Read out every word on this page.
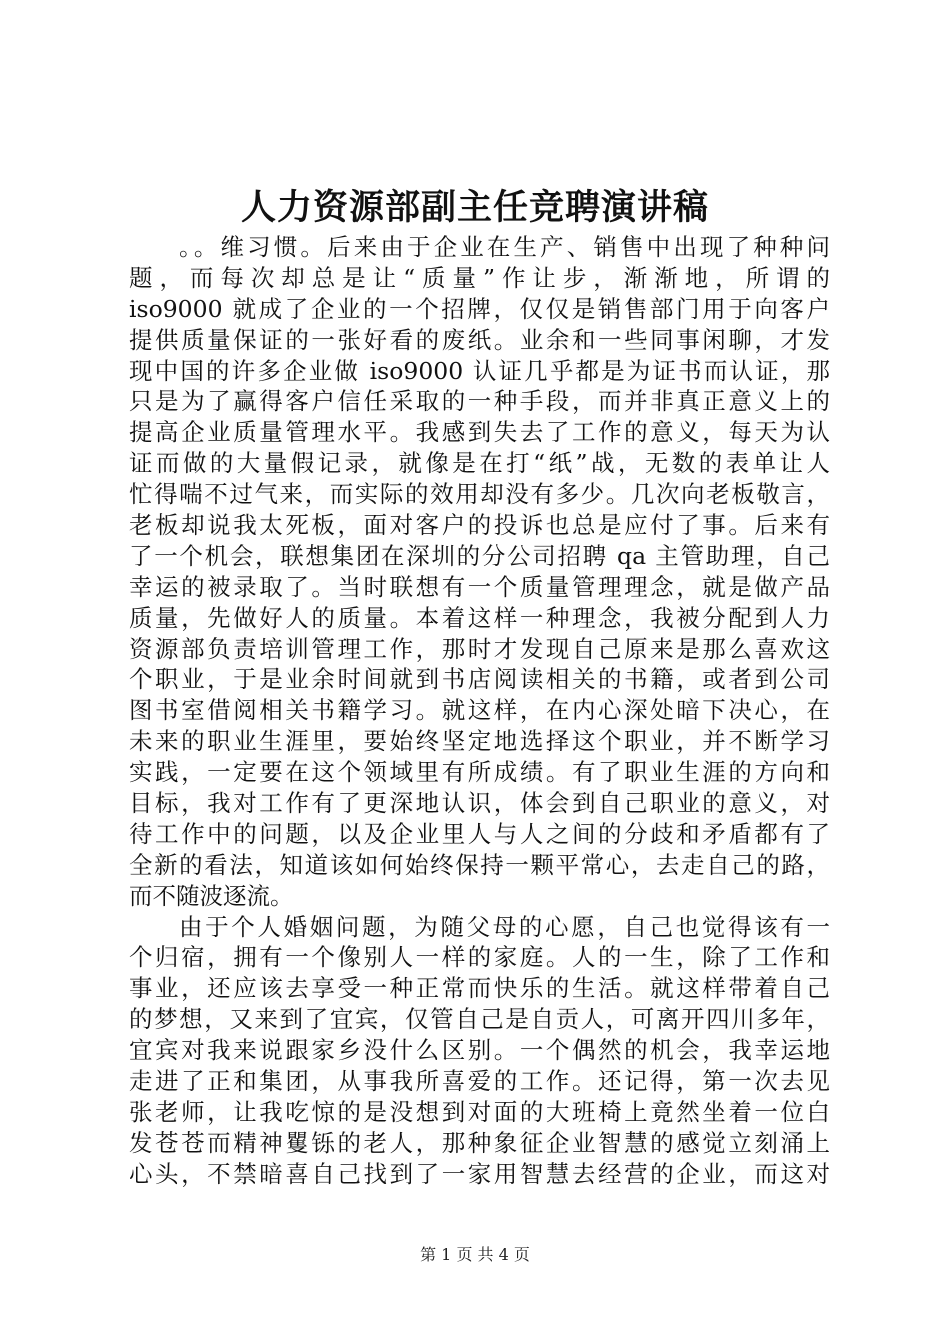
人力资源部副主任竞聘演讲稿
。。维习惯。后来由于企业在生产、销售中出现了种种问
题，而每次却总是让“质量”作让步，渐渐地，所谓的
iso9000 就成了企业的一个招牌，仅仅是销售部门用于向客户
提供质量保证的一张好看的废纸。业余和一些同事闲聊，才发
现中国的许多企业做 iso9000 认证几乎都是为证书而认证，那
只是为了赢得客户信任采取的一种手段，而并非真正意义上的
提高企业质量管理水平。我感到失去了工作的意义，每天为认
证而做的大量假记录，就像是在打“纸”战，无数的表单让人
忙得喘不过气来，而实际的效用却没有多少。几次向老板敬言，
老板却说我太死板，面对客户的投诉也总是应付了事。后来有
了一个机会，联想集团在深圳的分公司招聘 qa 主管助理，自己
幸运的被录取了。当时联想有一个质量管理理念，就是做产品
质量，先做好人的质量。本着这样一种理念，我被分配到人力
资源部负责培训管理工作，那时才发现自己原来是那么喜欢这
个职业，于是业余时间就到书店阅读相关的书籍，或者到公司
图书室借阅相关书籍学习。就这样，在内心深处暗下决心，在
未来的职业生涯里，要始终坚定地选择这个职业，并不断学习
实践，一定要在这个领域里有所成绩。有了职业生涯的方向和
目标，我对工作有了更深地认识，体会到自己职业的意义，对
待工作中的问题，以及企业里人与人之间的分歧和矛盾都有了
全新的看法，知道该如何始终保持一颗平常心，去走自己的路，
而不随波逐流。
由于个人婚姻问题，为随父母的心愿，自己也觉得该有一
个归宿，拥有一个像别人一样的家庭。人的一生，除了工作和
事业，还应该去享受一种正常而快乐的生活。就这样带着自己
的梦想，又来到了宜宾，仅管自己是自贡人，可离开四川多年，
宜宾对我来说跟家乡没什么区别。一个偶然的机会，我幸运地
走进了正和集团，从事我所喜爱的工作。还记得，第一次去见
张老师，让我吃惊的是没想到对面的大班椅上竟然坐着一位白
发苍苍而精神矍铄的老人，那种象征企业智慧的感觉立刻涌上
心头，不禁暗喜自己找到了一家用智慧去经营的企业，而这对
第 1 页 共 4 页
